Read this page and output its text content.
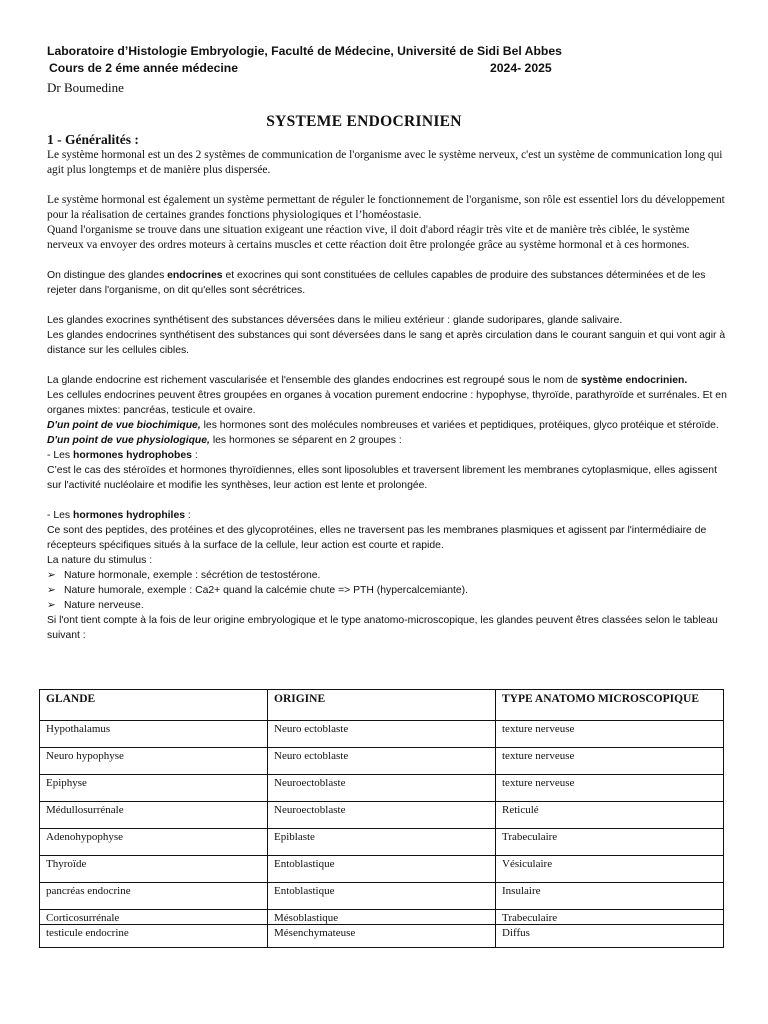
Laboratoire d’Histologie Embryologie, Faculté de Médecine, Université de Sidi Bel Abbes
Cours de 2 éme année médecine	2024- 2025
Dr Boumedine
SYSTEME ENDOCRINIEN
1 - Généralités :

Le système hormonal est un des 2 systèmes de communication de l'organisme avec le système nerveux, c'est un système de communication long qui agit plus longtemps et de manière plus dispersée.

Le système hormonal est également un système permettant de réguler le fonctionnement de l'organisme, son rôle est essentiel lors du développement pour la réalisation de certaines grandes fonctions physiologiques et l’homéostasie.

Quand l'organisme se trouve dans une situation exigeant une réaction vive, il doit d'abord réagir très vite et de manière très ciblée, le système nerveux va envoyer des ordres moteurs à certains muscles et cette réaction doit être prolongée grâce au système hormonal et à ces hormones.

On distingue des glandes endocrines et exocrines qui sont constituées de cellules capables de produire des substances déterminées et de les rejeter dans l'organisme, on dit qu'elles sont sécrétrices.

Les glandes exocrines synthétisent des substances déversées dans le milieu extérieur : glande sudoripares, glande salivaire.

Les glandes endocrines synthétisent des substances qui sont déversées dans le sang et après circulation dans le courant sanguin et qui vont agir à distance sur les cellules cibles.

La glande endocrine est richement vascularisée et l'ensemble des glandes endocrines est regroupé sous le nom de système endocrinien.

Les cellules endocrines peuvent êtres groupées en organes à vocation purement endocrine : hypophyse, thyroïde, parathyroïde et surrénales. Et en organes mixtes: pancréas, testicule et ovaire.

D'un point de vue biochimique, les hormones sont des molécules nombreuses et variées et peptidiques, protéiques, glyco protéique et stéroïde.

D'un point de vue physiologique, les hormones se séparent en 2 groupes :

- Les hormones hydrophobes :

C’est le cas des stéroïdes et hormones thyroïdiennes, elles sont liposolubles et traversent librement les membranes cytoplasmique, elles agissent sur l'activité nucléolaire et modifie les synthèses, leur action est lente et prolongée.

- Les hormones hydrophiles :

Ce sont des peptides, des protéines et des glycoprotéines, elles ne traversent pas les membranes plasmiques et agissent par l'intermédiaire de récepteurs spécifiques situés à la surface de la cellule, leur action est courte et rapide.

La nature du stimulus :

➢ Nature hormonale, exemple : sécrétion de testostérone.
➢ Nature humorale, exemple : Ca2+ quand la calcémie chute => PTH (hypercalcemiante).
➢ Nature nerveuse.

Si l'ont tient compte à la fois de leur origine embryologique et le type anatomo-microscopique, les glandes peuvent êtres classées selon le tableau suivant :

GLANDE	ORIGINE	TYPE ANATOMO MICROSCOPIQUE
Hypothalamus	Neuro ectoblaste	texture nerveuse
Neuro hypophyse	Neuro ectoblaste	texture nerveuse
Epiphyse	Neuroectoblaste	texture nerveuse
Médullosurrénale	Neuroectoblaste	Reticulé
Adenohypophyse	Epiblaste	Trabeculaire
Thyroïde	Entoblastique	Vésiculaire
pancréas endocrine	Entoblastique	Insulaire
Corticosurrénale	Mésoblastique	Trabeculaire
testicule endocrine	Mésenchymateuse	Diffus
